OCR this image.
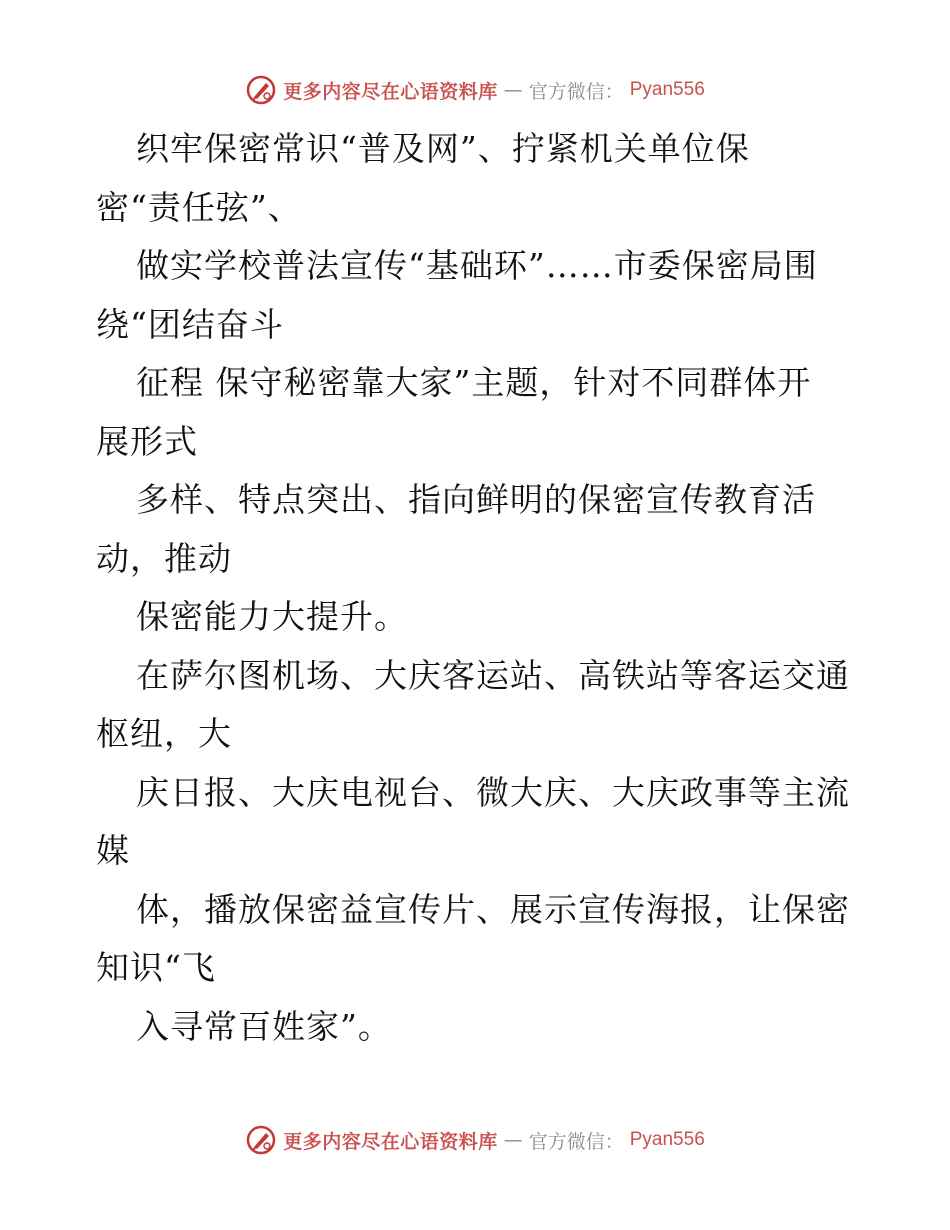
更多内容尽在心语资料库 — 官方微信： Pyan556
织牢保密常识“普及网”、拧紧机关单位保
密“责任弦”、
做实学校普法宣传“基础环”……市委保密局围
绕“团结奋斗
征程 保守秘密靠大家”主题，针对不同群体开
展形式
多样、特点突出、指向鲜明的保密宣传教育活
动，推动
保密能力大提升。
在萨尔图机场、大庆客运站、高铁站等客运交通
枢纽，大
庆日报、大庆电视台、微大庆、大庆政事等主流
媒
体，播放保密益宣传片、展示宣传海报，让保密
知识“飞
入寻常百姓家”。
更多内容尽在心语资料库 — 官方微信： Pyan556
